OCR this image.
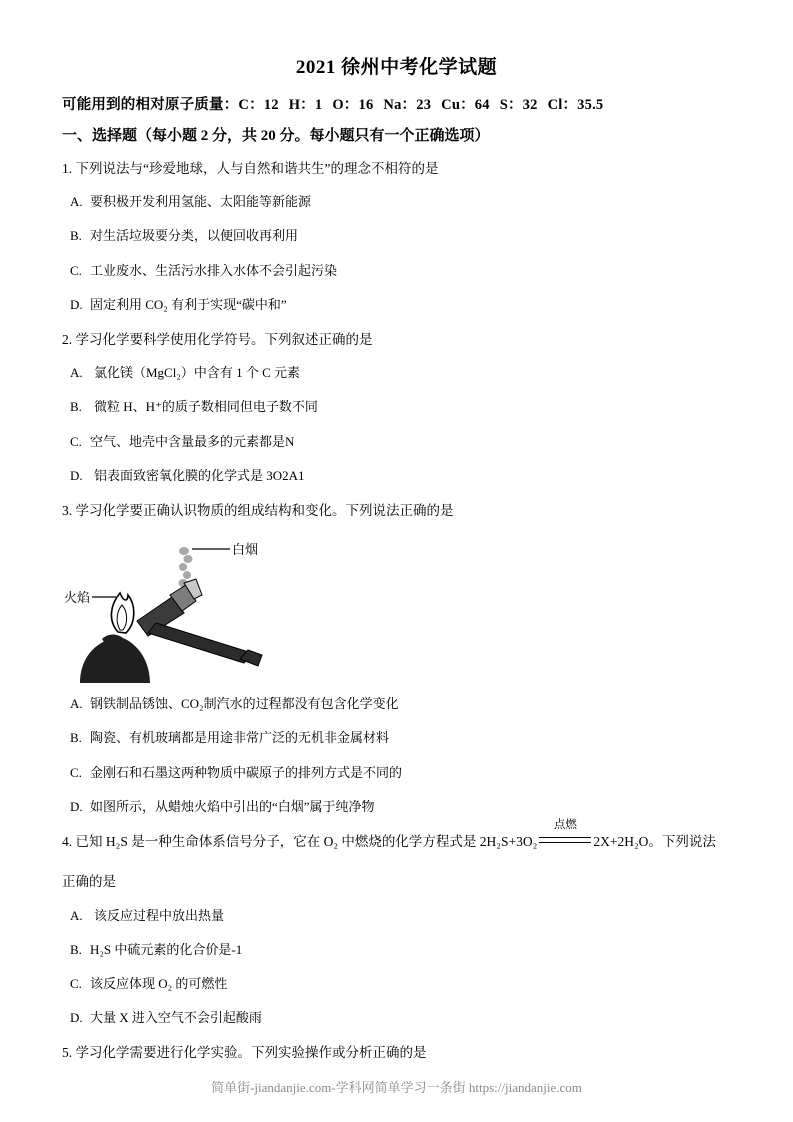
2021 徐州中考化学试题
可能用到的相对原子质量：C：12 H：1 O：16 Na：23 Cu：64 S：32 Cl：35.5
一、选择题（每小题 2 分，共 20 分。每小题只有一个正确选项）
1. 下列说法与“珍爱地球，人与自然和谐共生”的理念不相符的是
A. 要积极开发利用氢能、太阳能等新能源
B. 对生活垃圾要分类，以便回收再利用
C. 工业废水、生活污水排入水体不会引起污染
D. 固定利用 CO₂ 有利于实现“碳中和”
2. 学习化学要科学使用化学符号。下列叙述正确的是
A. 氯化镁（MgCl₂）中含有 1 个 C 元素
B. 微粒 H、H⁺的质子数相同但电子数不同
C. 空气、地壳中含量最多的元素都是N
D. 铝表面致密氧化膜的化学式是 3O2A1
3. 学习化学要正确认识物质的组成结构和变化。下列说法正确的是
火焰
白烟
A. 钢铁制品锈蚀、CO₂制汽水的过程都没有包含化学变化
B. 陶瓷、有机玻璃都是用途非常广泛的无机非金属材料
C. 金刚石和石墨这两种物质中碳原子的排列方式是不同的
D. 如图所示，从蜡烛火焰中引出的“白烟”属于纯净物
4. 已知 H₂S 是一种生命体系信号分子，它在 O₂ 中燃烧的化学方程式是 2H₂S+3O₂
点燃
2X+2H₂O。下列说法
正确的是
A. 该反应过程中放出热量
B. H₂S 中硫元素的化合价是-1
C. 该反应体现 O₂ 的可燃性
D. 大量 X 进入空气不会引起酸雨
5. 学习化学需要进行化学实验。下列实验操作或分析正确的是
简单街-jiandanjie.com-学科网简单学习一条街 https://jiandanjie.com
